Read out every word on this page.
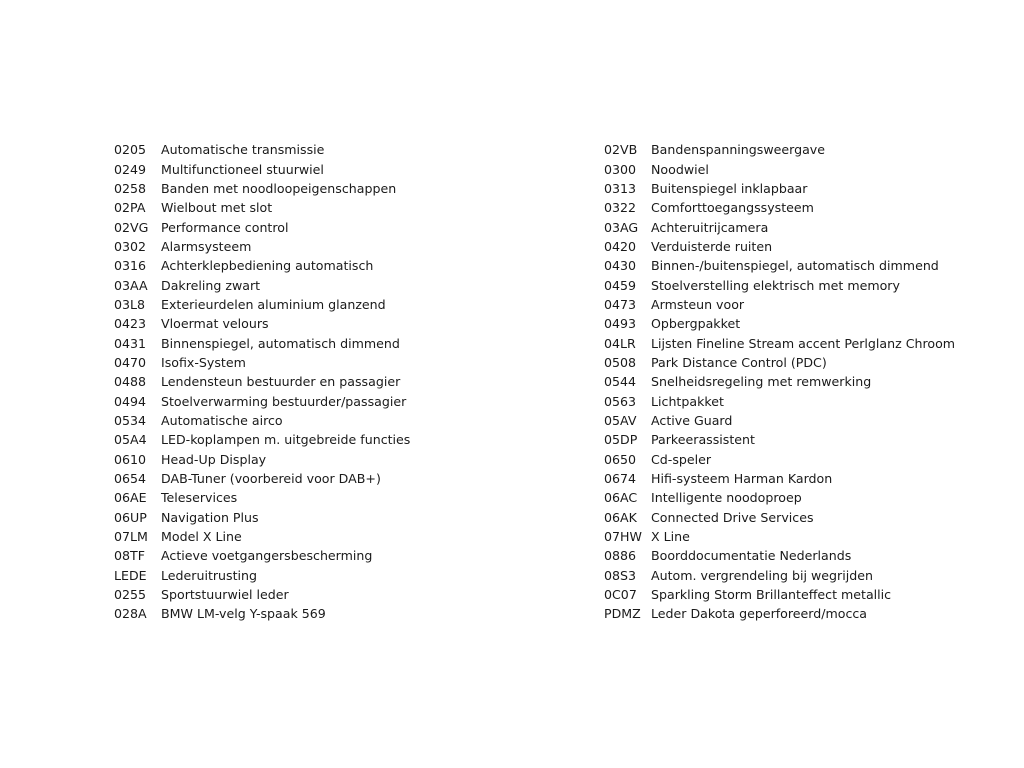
0205	Automatische transmissie
0249	Multifunctioneel stuurwiel
0258	Banden met noodloopeigenschappen
02PA	Wielbout met slot
02VG Performance control
0302	Alarmsysteem
0316	Achterklepbediening automatisch
03AA	Dakreling zwart
03L8	Exterieurdelen aluminium glanzend
0423	Vloermat velours
0431	Binnenspiegel, automatisch dimmend
0470	Isofix-System
0488	Lendensteun bestuurder en passagier
0494	Stoelverwarming bestuurder/passagier
0534	Automatische airco
05A4	LED-koplampen m. uitgebreide functies
0610	Head-Up Display
0654	DAB-Tuner (voorbereid voor DAB+)
06AE	Teleservices
06UP	Navigation Plus
07LM	Model X Line
08TF	Actieve voetgangersbescherming
LEDE	Lederuitrusting
0255	Sportstuurwiel leder
028A	BMW LM-velg Y-spaak 569
02VB	Bandenspanningsweergave
0300	Noodwiel
0313	Buitenspiegel inklapbaar
0322	Comforttoegangssysteem
03AG	Achteruitrijcamera
0420	Verduisterde ruiten
0430	Binnen-/buitenspiegel, automatisch dimmend
0459	Stoelverstelling elektrisch met memory
0473	Armsteun voor
0493	Opbergpakket
04LR	Lijsten Fineline Stream accent Perlglanz Chroom
0508	Park Distance Control (PDC)
0544	Snelheidsregeling met remwerking
0563	Lichtpakket
05AV	Active Guard
05DP	Parkeerassistent
0650	Cd-speler
0674	Hifi-systeem Harman Kardon
06AC	Intelligente noodoproep
06AK	Connected Drive Services
07HW X Line
0886	Boorddocumentatie Nederlands
08S3	Autom. vergrendeling bij wegrijden
0C07	Sparkling Storm Brillanteffect metallic
PDMZ Leder Dakota geperforeerd/mocca
